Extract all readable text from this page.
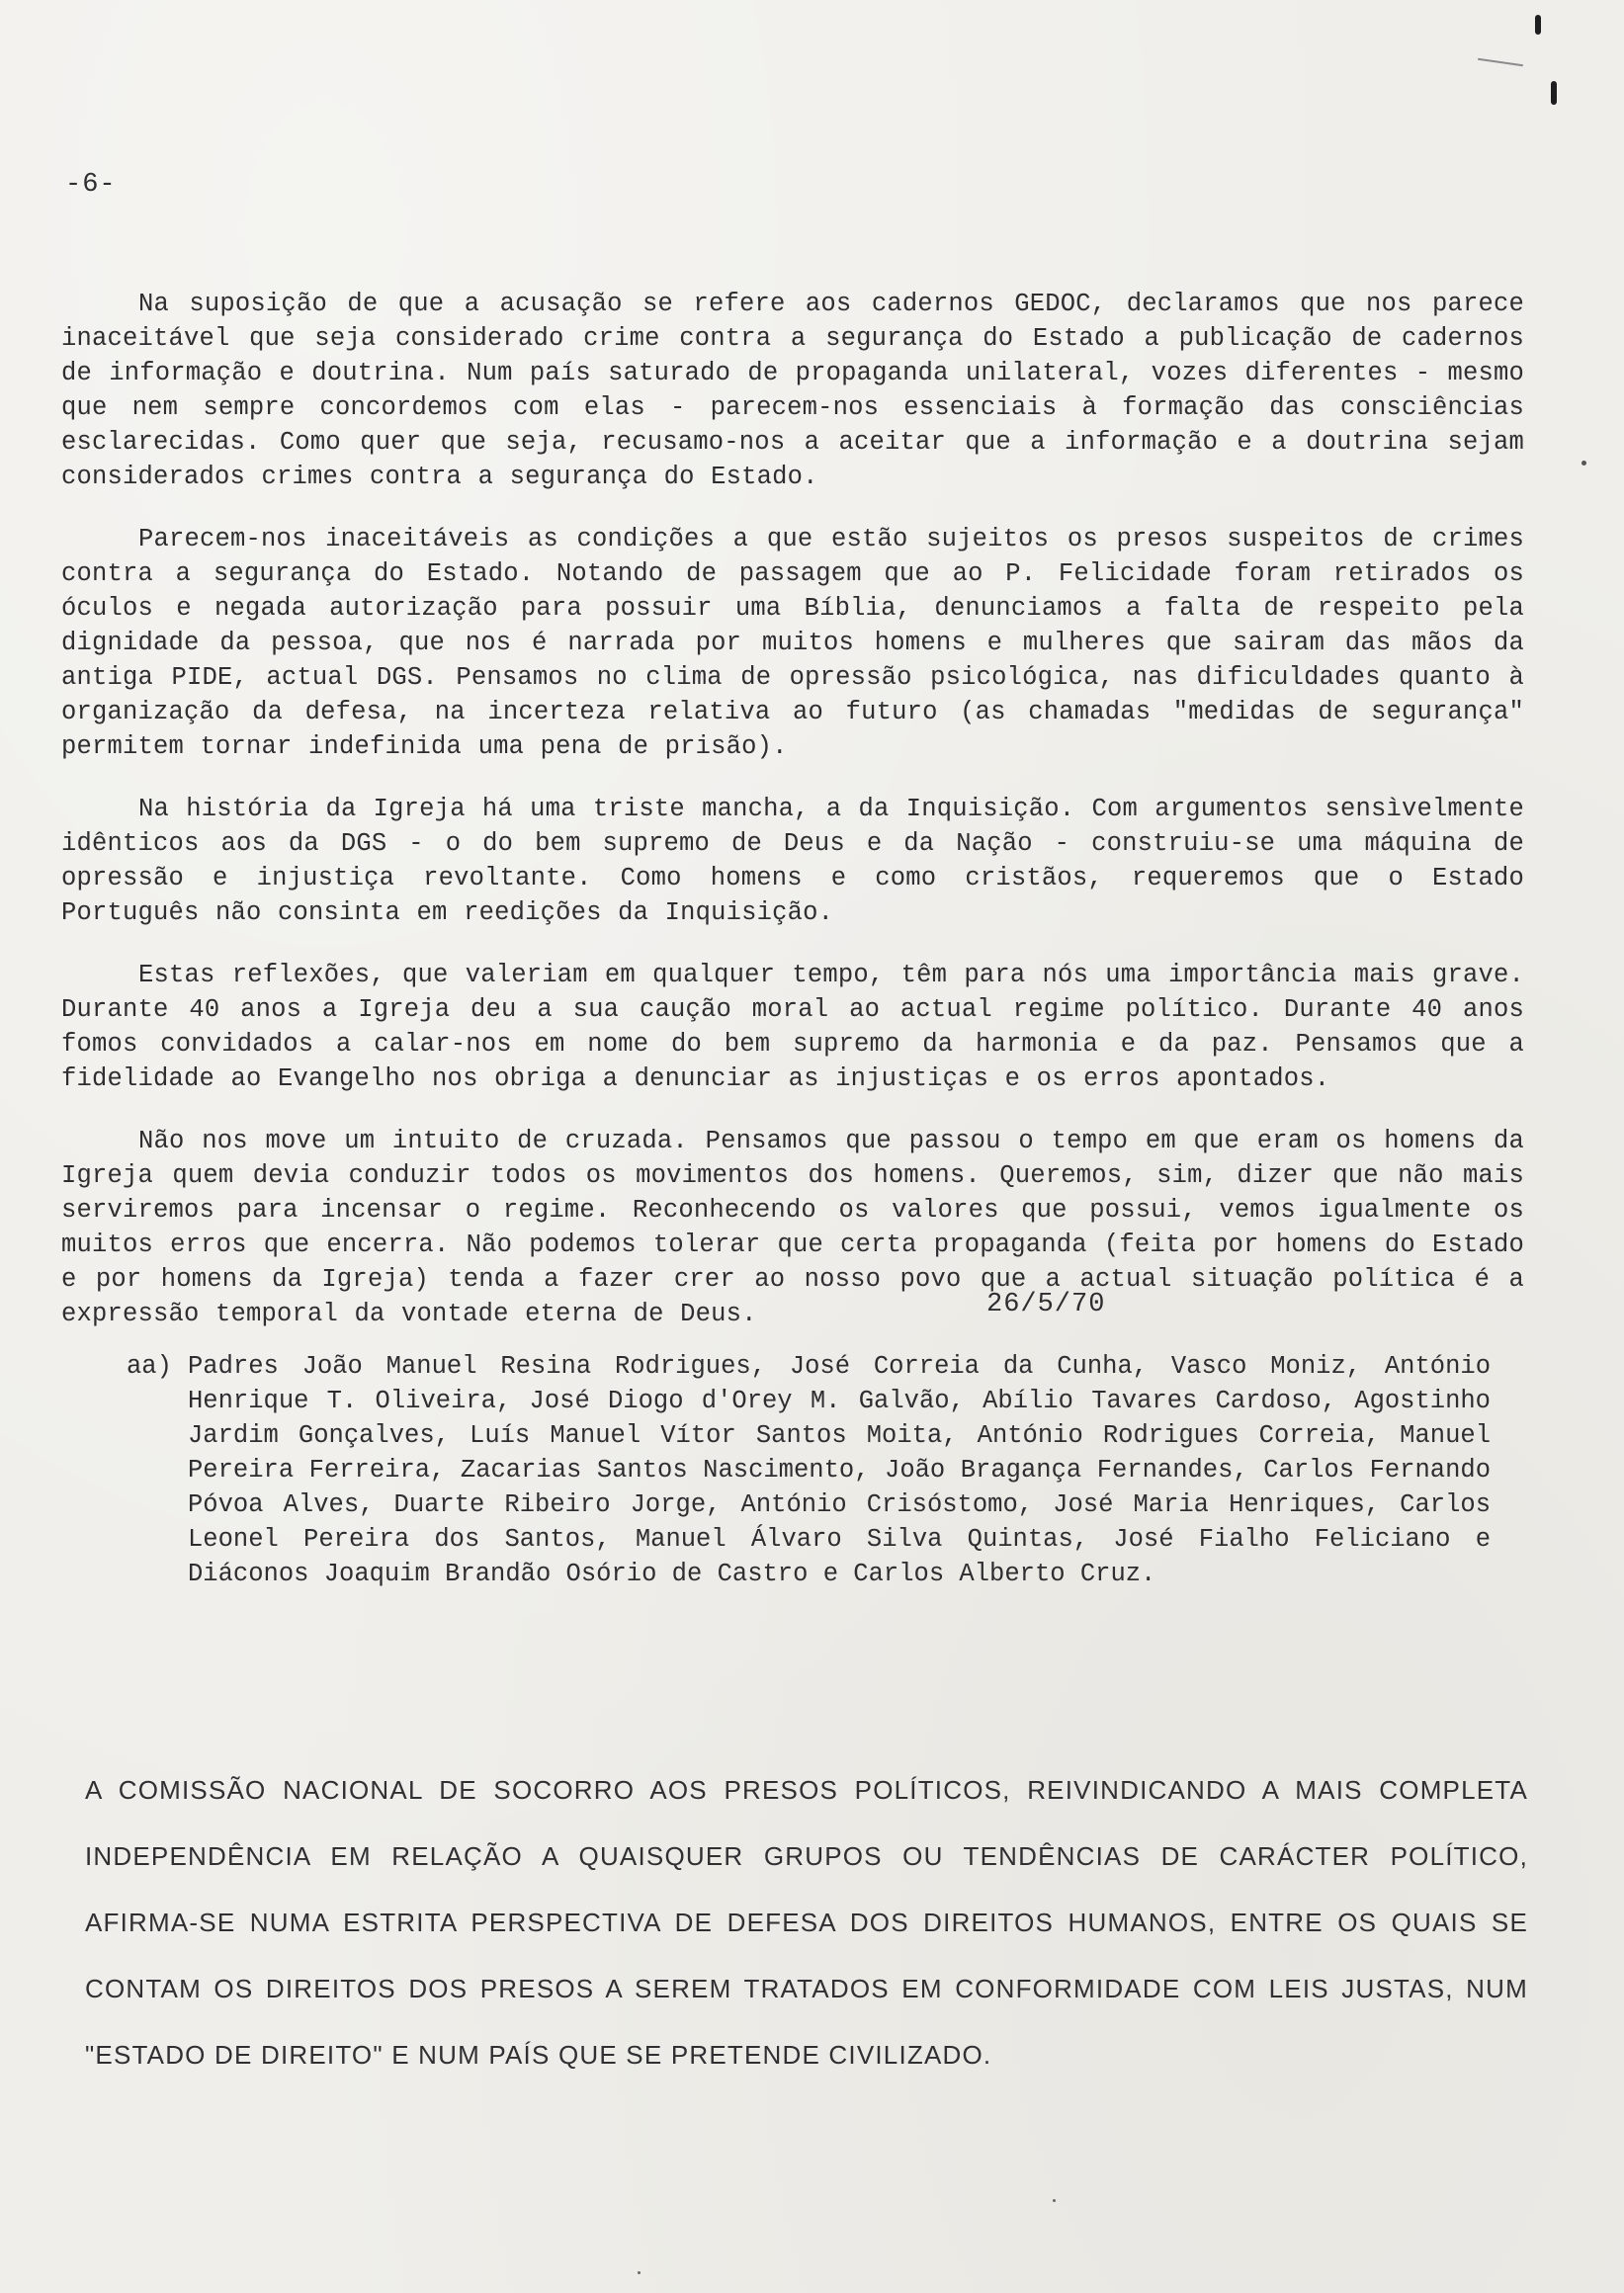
-6-

Na suposição de que a acusação se refere aos cadernos GEDOC, declaramos que nos parece inaceitável que seja considerado crime contra a segurança do Estado a publicação de cadernos de informação e doutrina. Num país saturado de propaganda unilateral, vozes diferentes - mesmo que nem sempre concordemos com elas - parecem-nos essenciais à formação das consciências esclarecidas. Como quer que seja, recusamo-nos a aceitar que a informação e a doutrina sejam considerados crimes contra a segurança do Estado.

Parecem-nos inaceitáveis as condições a que estão sujeitos os presos suspeitos de crimes contra a segurança do Estado. Notando de passagem que ao P. Felicidade foram retirados os óculos e negada autorização para possuir uma Bíblia, denunciamos a falta de respeito pela dignidade da pessoa, que nos é narrada por muitos homens e mulheres que sairam das mãos da antiga PIDE, actual DGS. Pensamos no clima de opressão psicológica, nas dificuldades quanto à organização da defesa, na incerteza relativa ao futuro (as chamadas "medidas de segurança" permitem tornar indefinida uma pena de prisão).

Na história da Igreja há uma triste mancha, a da Inquisição. Com argumentos sensìvelmente idênticos aos da DGS - o do bem supremo de Deus e da Nação - construiu-se uma máquina de opressão e injustiça revoltante. Como homens e como cristãos, requeremos que o Estado Português não consinta em reedições da Inquisição.

Estas reflexões, que valeriam em qualquer tempo, têm para nós uma importância mais grave. Durante 40 anos a Igreja deu a sua caução moral ao actual regime político. Durante 40 anos fomos convidados a calar-nos em nome do bem supremo da harmonia e da paz. Pensamos que a fidelidade ao Evangelho nos obriga a denunciar as injustiças e os erros apontados.

Não nos move um intuito de cruzada. Pensamos que passou o tempo em que eram os homens da Igreja quem devia conduzir todos os movimentos dos homens. Queremos, sim, dizer que não mais serviremos para incensar o regime. Reconhecendo os valores que possui, vemos igualmente os muitos erros que encerra. Não podemos tolerar que certa propaganda (feita por homens do Estado e por homens da Igreja) tenda a fazer crer ao nosso povo que a actual situação política é a expressão temporal da vontade eterna de Deus.	26/5/70
aa) Padres João Manuel Resina Rodrigues, José Correia da Cunha, Vasco Moniz, António Henrique T. Oliveira, José Diogo d'Orey M. Galvão, Abílio Tavares Cardoso, Agostinho Jardim Gonçalves, Luís Manuel Vítor Santos Moita, António Rodrigues Correia, Manuel Pereira Ferreira, Zacarias Santos Nascimento, João Bragança Fernandes, Carlos Fernando Póvoa Alves, Duarte Ribeiro Jorge, António Crisóstomo, José Maria Henriques, Carlos Leonel Pereira dos Santos, Manuel Álvaro Silva Quintas, José Fialho Feliciano e Diáconos Joaquim Brandão Osório de Castro e Carlos Alberto Cruz.
A COMISSÃO NACIONAL DE SOCORRO AOS PRESOS POLÍTICOS, REIVINDICANDO A MAIS COMPLETA INDEPENDÊNCIA EM RELAÇÃO A QUAISQUER GRUPOS OU TENDÊNCIAS DE CARÁCTER POLÍTICO, AFIRMA-SE NUMA ESTRITA PERSPECTIVA DE DEFESA DOS DIREITOS HUMANOS, ENTRE OS QUAIS SE CONTAM OS DIREITOS DOS PRESOS A SEREM TRATADOS EM CONFORMIDADE COM LEIS JUSTAS, NUM "ESTADO DE DIREITO" E NUM PAÍS QUE SE PRETENDE CIVILIZADO.
